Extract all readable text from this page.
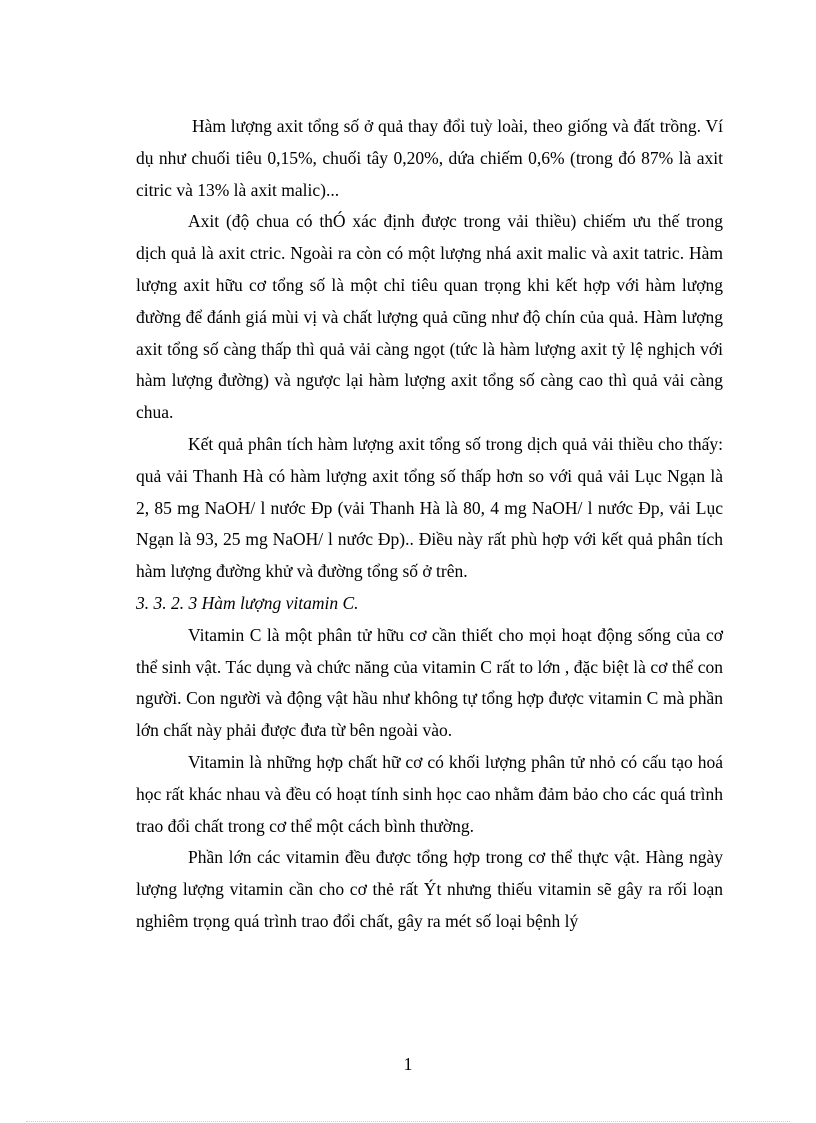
Hàm lượng axit tổng số ở quả thay đổi tuỳ loài, theo giống và đất trồng. Ví dụ như chuối tiêu 0,15%, chuối tây 0,20%, dứa chiếm 0,6% (trong đó 87% là axit citric và 13% là axit malic)...

Axit (độ chua có thÓ xác định được trong vải thiều) chiếm ưu thế trong dịch quả là axit ctric. Ngoài ra còn có một lượng nhá axit malic và axit tatric. Hàm lượng axit hữu cơ tổng số là một chỉ tiêu quan trọng khi kết hợp với hàm lượng đường để đánh giá mùi vị và chất lượng quả cũng như độ chín của quả. Hàm lượng axit tổng số càng thấp thì quả vải càng ngọt (tức là hàm lượng axit tỷ lệ nghịch với hàm lượng đường) và ngược lại hàm lượng axit tổng số càng cao thì quả vải càng chua.

Kết quả phân tích hàm lượng axit tổng số trong dịch quả vải thiều cho thấy: quả vải Thanh Hà có hàm lượng axit tổng số thấp hơn so với quả vải Lục Ngạn là 2, 85 mg NaOH/ l nước Đp (vải Thanh Hà là 80, 4 mg NaOH/ l nước Đp, vải Lục Ngạn là 93, 25 mg NaOH/ l nước Đp).. Điều này rất phù hợp với kết quả phân tích hàm lượng đường khử và đường tổng số ở trên.

3. 3. 2. 3 Hàm lượng vitamin C.

Vitamin C là một phân tử hữu cơ cần thiết cho mọi hoạt động sống của cơ thể sinh vật. Tác dụng và chức năng của vitamin C rất to lớn , đặc biệt là cơ thể con người. Con người và động vật hầu như không tự tổng hợp được vitamin C mà phần lớn chất này phải được đưa từ bên ngoài vào.

Vitamin là những hợp chất hữ cơ có khối lượng phân tử nhỏ có cấu tạo hoá học rất khác nhau và đều có hoạt tính sinh học cao nhằm đảm bảo cho các quá trình trao đổi chất trong cơ thể một cách bình thường.

Phần lớn các vitamin đều được tổng hợp trong cơ thể thực vật. Hàng ngày lượng lượng vitamin cần cho cơ thẻ rất Ýt nhưng thiếu vitamin sẽ gây ra rối loạn nghiêm trọng quá trình trao đổi chất, gây ra mét số loại bệnh lý

1
